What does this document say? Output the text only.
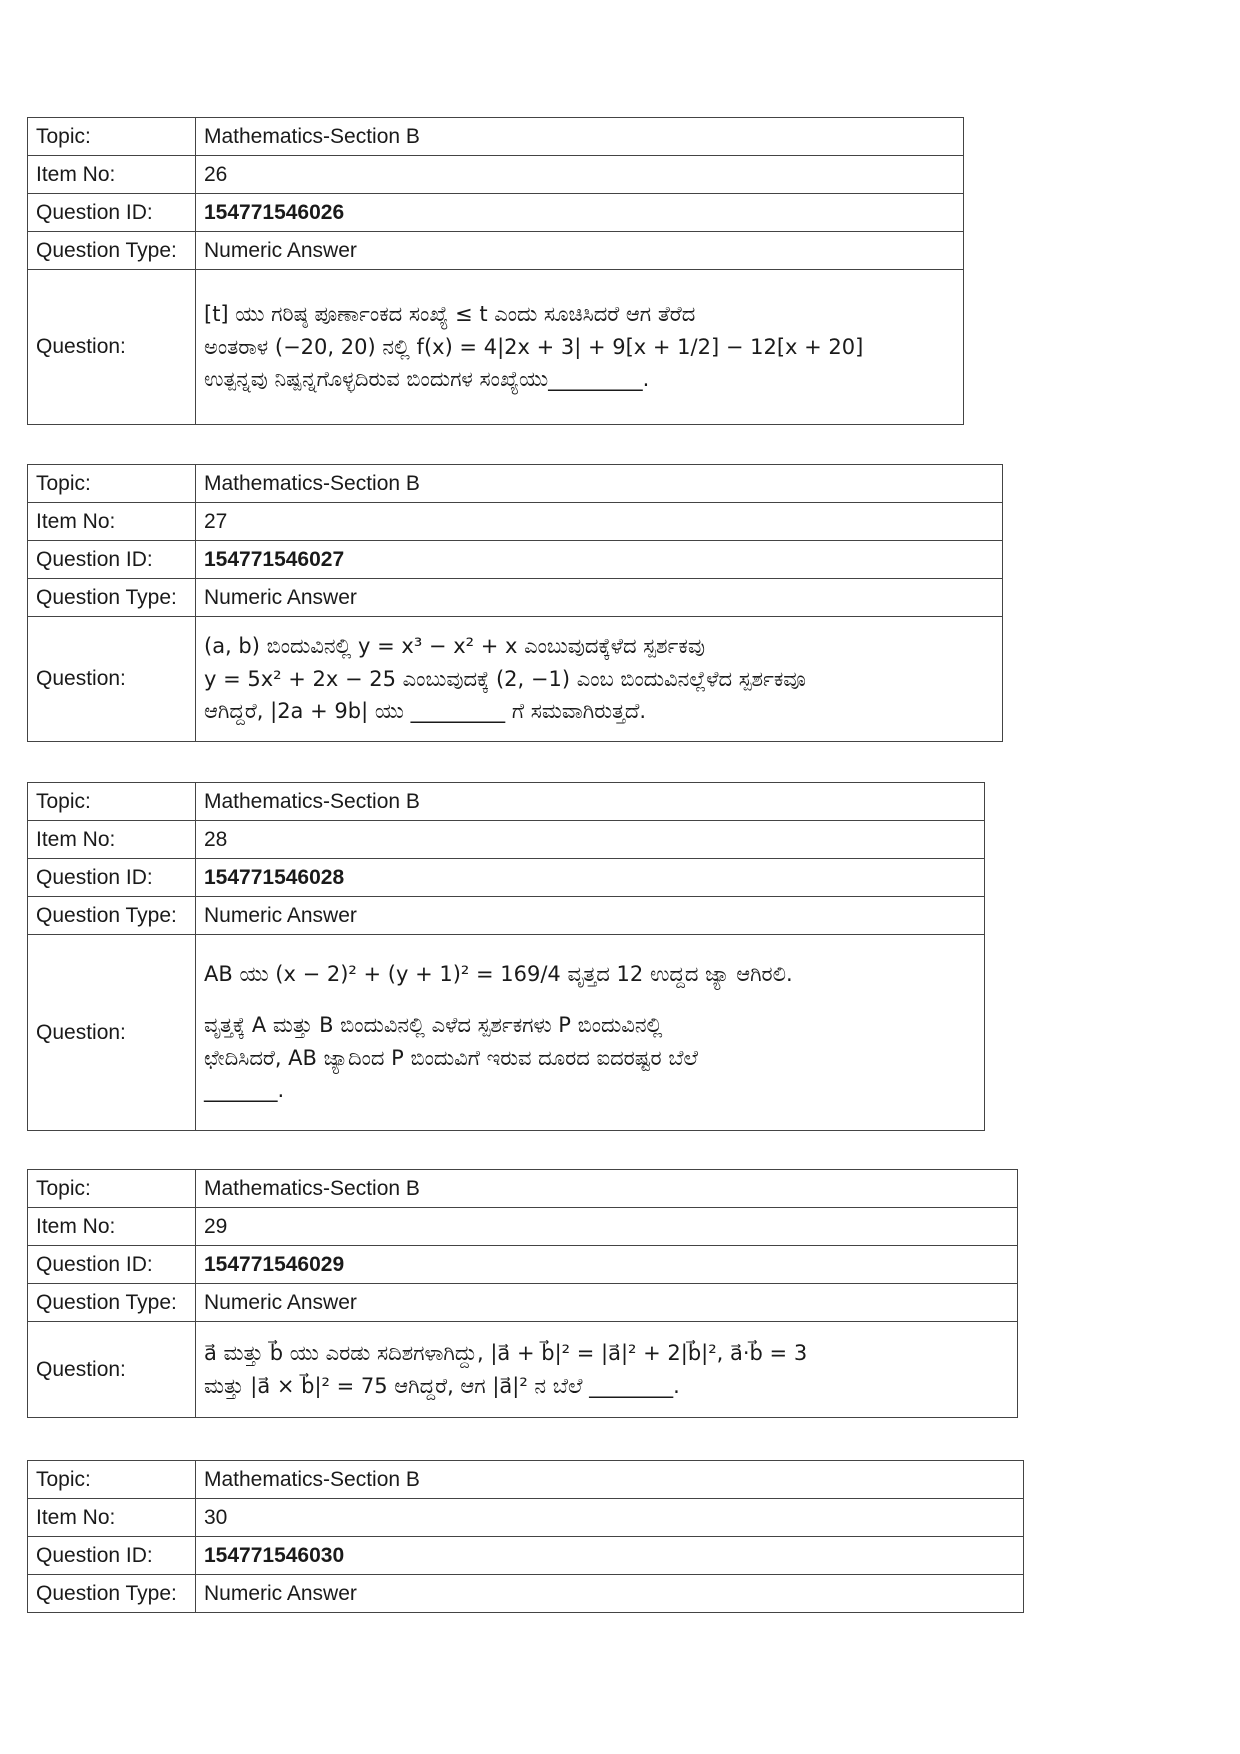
Topic:	Mathematics-Section B
Item No:	26
Question ID:	154771546026
Question Type:	Numeric Answer
Question:	[t] ಯು ಗರಿಷ್ಠ ಪೂರ್ಣಾಂಕದ ಸಂಖ್ಯೆ ≤ t ಎಂದು ಸೂಚಿಸಿದರೆ ಆಗ ತೆರೆದ
ಅಂತರಾಳ (−20, 20) ನಲ್ಲಿ f(x) = 4|2x + 3| + 9[x + 1/2] − 12[x + 20]
ಉತ್ಪನ್ನವು ನಿಷ್ಪನ್ನಗೊಳ್ಳದಿರುವ ಬಿಂದುಗಳ ಸಂಖ್ಯೆಯು_________.
Topic:	Mathematics-Section B
Item No:	27
Question ID:	154771546027
Question Type:	Numeric Answer
Question:	(a, b) ಬಿಂದುವಿನಲ್ಲಿ y = x³ − x² + x ಎಂಬುವುದಕ್ಕೆಳೆದ ಸ್ಪರ್ಶಕವು
y = 5x² + 2x − 25 ಎಂಬುವುದಕ್ಕೆ (2, −1) ಎಂಬ ಬಿಂದುವಿನಲ್ಲೆಳೆದ ಸ್ಪರ್ಶಕವೂ
ಆಗಿದ್ದರೆ, |2a + 9b| ಯು _________ ಗೆ ಸಮವಾಗಿರುತ್ತದೆ.
Topic:	Mathematics-Section B
Item No:	28
Question ID:	154771546028
Question Type:	Numeric Answer
Question:	AB ಯು (x − 2)² + (y + 1)² = 169/4 ವೃತ್ತದ 12 ಉದ್ದದ ಜ್ಯಾ ಆಗಿರಲಿ.
ವೃತ್ತಕ್ಕೆ A ಮತ್ತು B ಬಿಂದುವಿನಲ್ಲಿ ಎಳೆದ ಸ್ಪರ್ಶಕಗಳು P ಬಿಂದುವಿನಲ್ಲಿ
ಛೇದಿಸಿದರೆ, AB ಜ್ಯಾದಿಂದ P ಬಿಂದುವಿಗೆ ಇರುವ ದೂರದ ಐದರಷ್ಟರ ಬೆಲೆ
_______.
Topic:	Mathematics-Section B
Item No:	29
Question ID:	154771546029
Question Type:	Numeric Answer
Question:	a⃗ ಮತ್ತು b⃗ ಯು ಎರಡು ಸದಿಶಗಳಾಗಿದ್ದು, |a⃗ + b⃗|² = |a⃗|² + 2|b⃗|², a⃗·b⃗ = 3
ಮತ್ತು |a⃗ × b⃗|² = 75 ಆಗಿದ್ದರೆ, ಆಗ |a⃗|² ನ ಬೆಲೆ ________.
Topic:	Mathematics-Section B
Item No:	30
Question ID:	154771546030
Question Type:	Numeric Answer
